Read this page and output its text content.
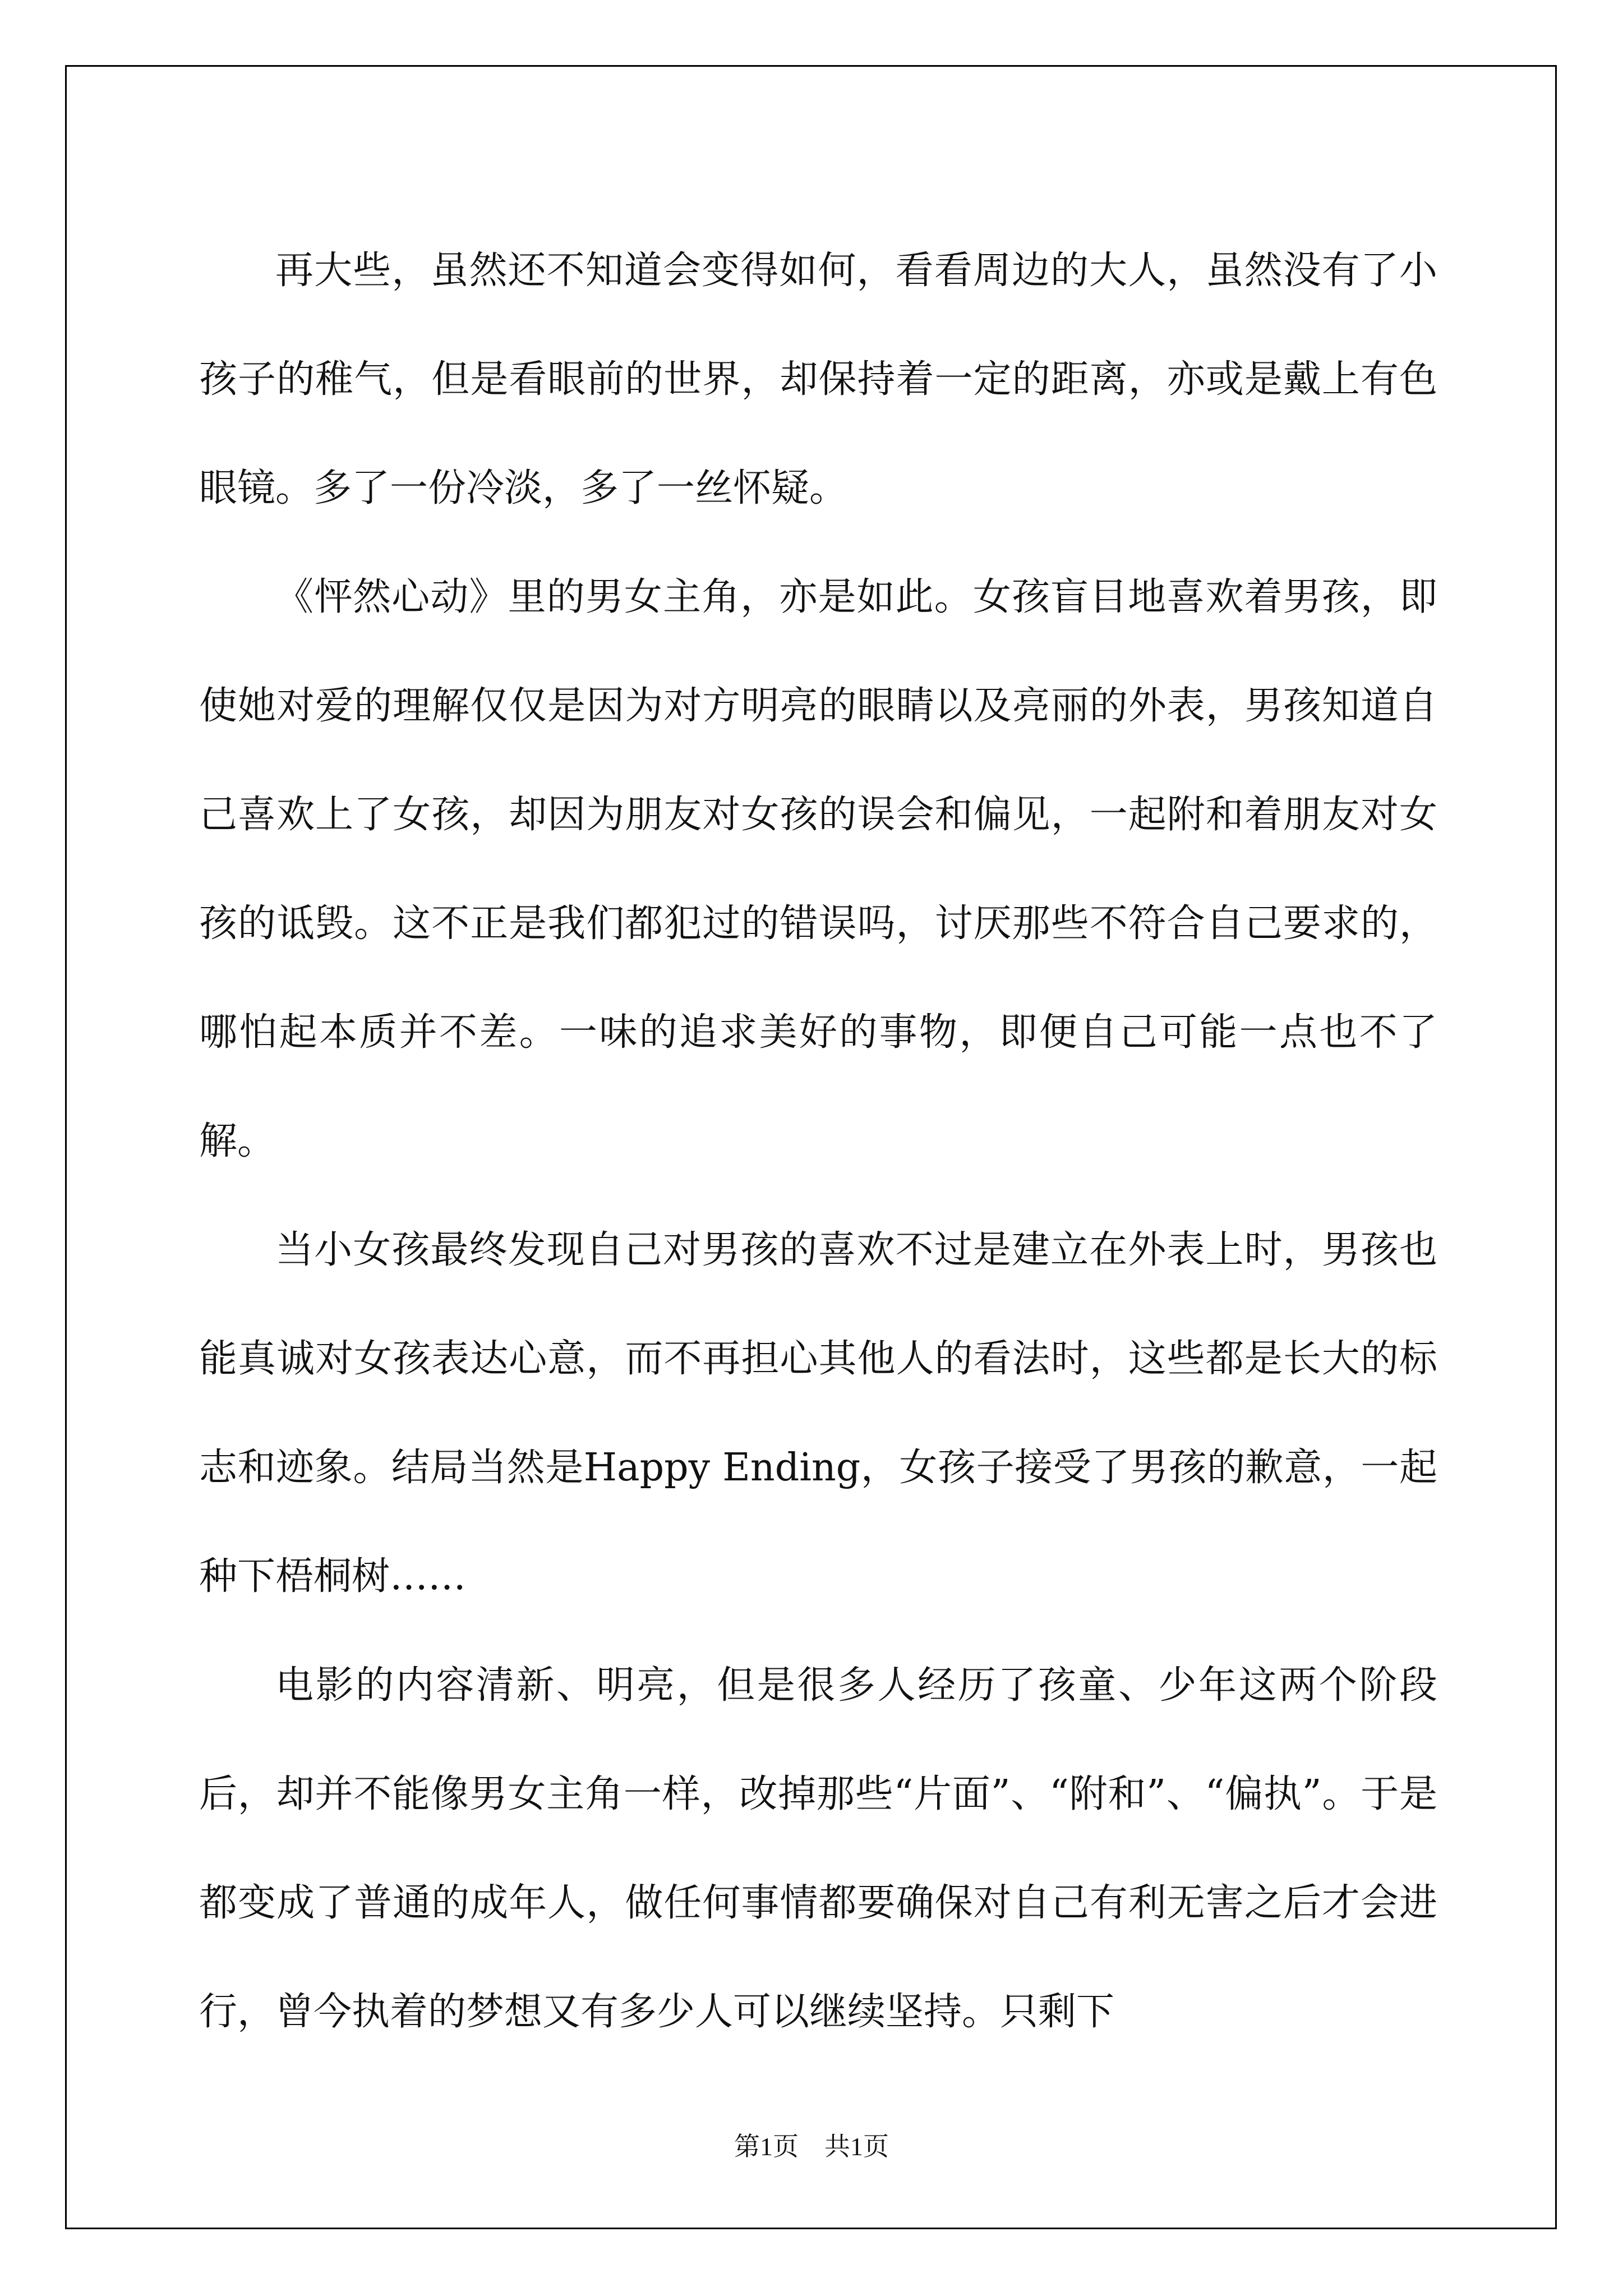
再大些，虽然还不知道会变得如何，看看周边的大人，虽然没有了小孩子的稚气，但是看眼前的世界，却保持着一定的距离，亦或是戴上有色眼镜。多了一份冷淡，多了一丝怀疑。

《怦然心动》里的男女主角，亦是如此。女孩盲目地喜欢着男孩，即使她对爱的理解仅仅是因为对方明亮的眼睛以及亮丽的外表，男孩知道自己喜欢上了女孩，却因为朋友对女孩的误会和偏见，一起附和着朋友对女孩的诋毁。这不正是我们都犯过的错误吗，讨厌那些不符合自己要求的，哪怕起本质并不差。一味的追求美好的事物，即便自己可能一点也不了解。

当小女孩最终发现自己对男孩的喜欢不过是建立在外表上时，男孩也能真诚对女孩表达心意，而不再担心其他人的看法时，这些都是长大的标志和迹象。结局当然是Happy Ending，女孩子接受了男孩的歉意，一起种下梧桐树……

电影的内容清新、明亮，但是很多人经历了孩童、少年这两个阶段后，却并不能像男女主角一样，改掉那些“片面”、“附和”、“偏执”。于是都变成了普通的成年人，做任何事情都要确保对自己有利无害之后才会进行，曾今执着的梦想又有多少人可以继续坚持。只剩下

第1页　共1页
